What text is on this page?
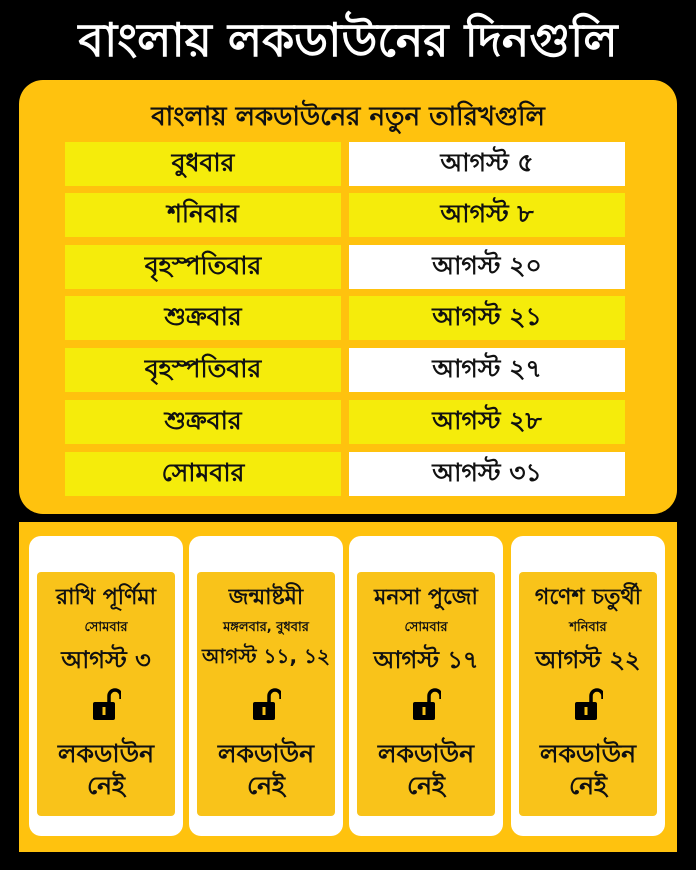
বাংলায় লকডাউনের দিনগুলি
বাংলায় লকডাউনের নতুন তারিখগুলি
বুধবার	আগস্ট ৫
শনিবার	আগস্ট ৮
বৃহস্পতিবার	আগস্ট ২০
শুক্রবার	আগস্ট ২১
বৃহস্পতিবার	আগস্ট ২৭
শুক্রবার	আগস্ট ২৮
সোমবার	আগস্ট ৩১
রাখি পূর্ণিমা
সোমবার
আগস্ট ৩
লকডাউন নেই
জন্মাষ্টমী
মঙ্গলবার, বুধবার
আগস্ট ১১, ১২
লকডাউন নেই
মনসা পুজো
সোমবার
আগস্ট ১৭
লকডাউন নেই
গণেশ চতুর্থী
শনিবার
আগস্ট ২২
লকডাউন নেই
